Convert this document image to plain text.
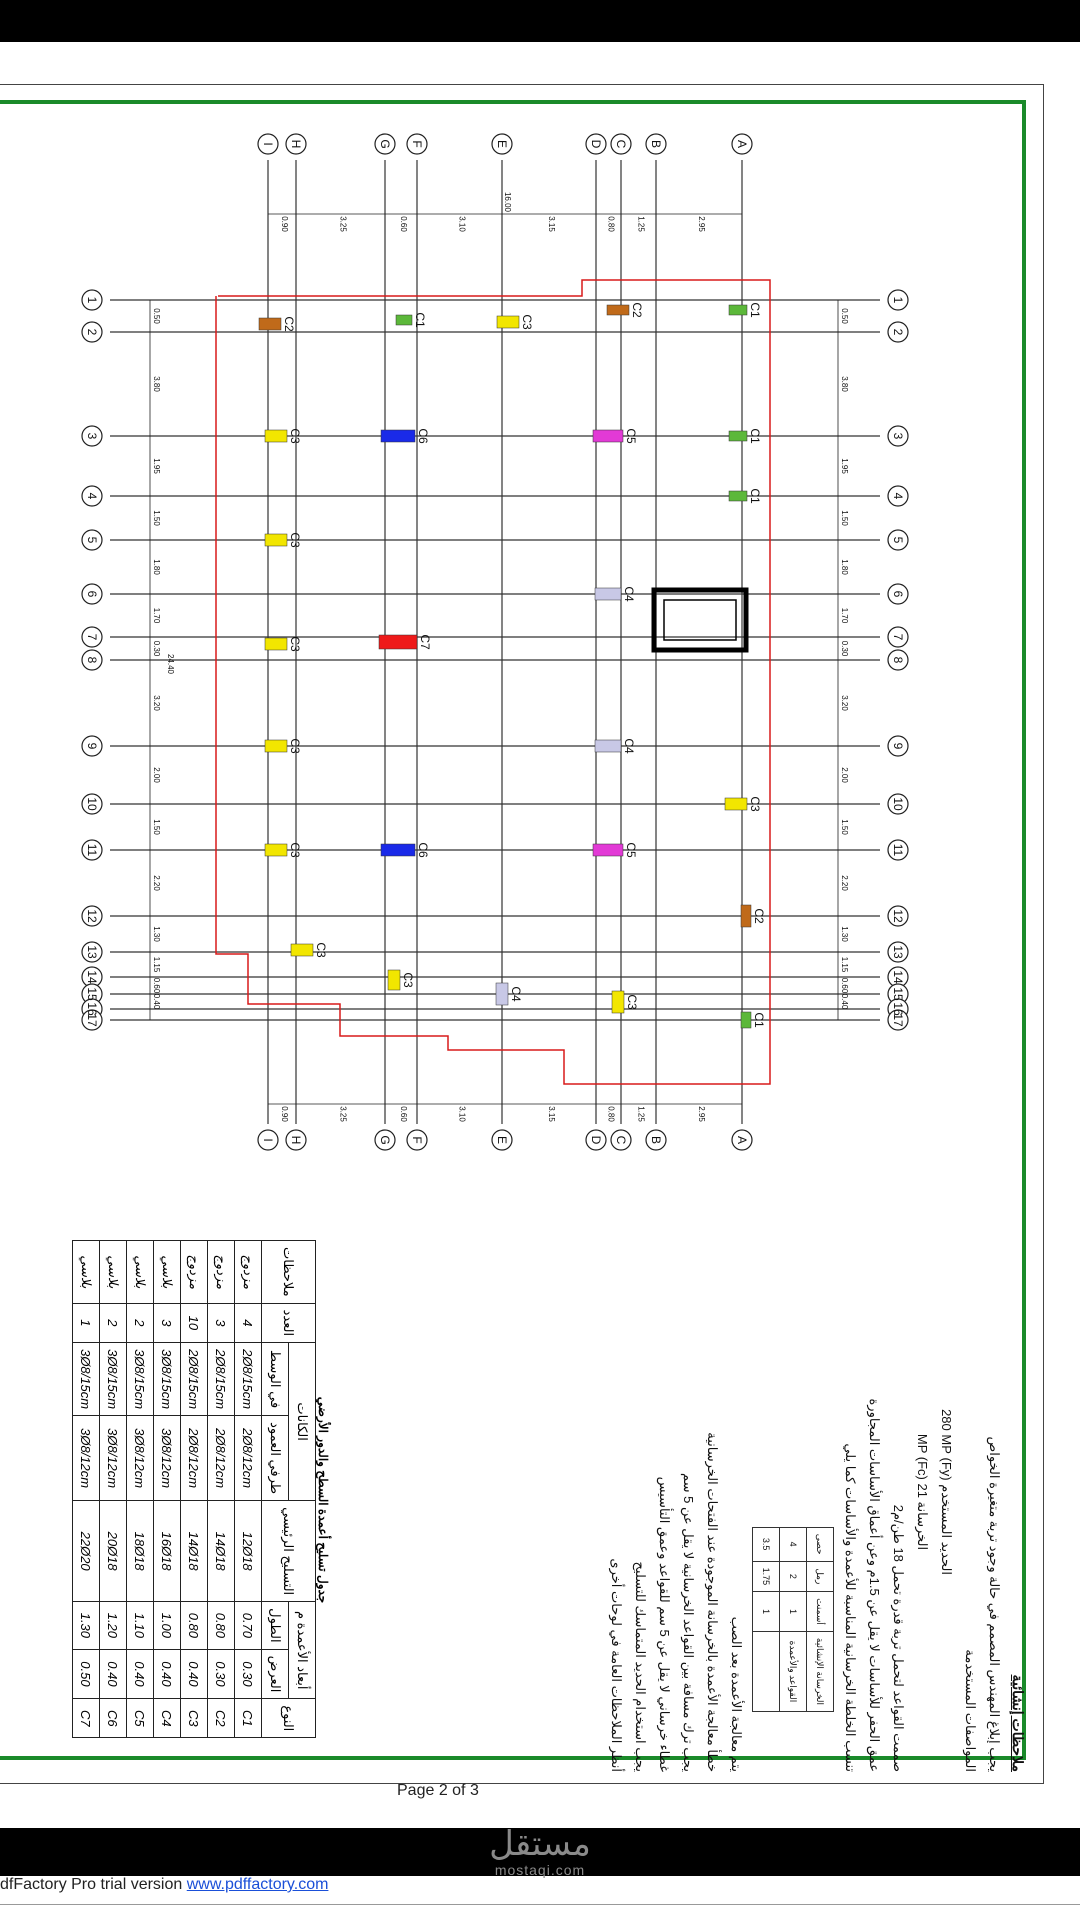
A
A
B
B
C
C
D
D
E
E
F
F
G
G
H
H
I
I
1	1
2	2
3	3
4	4
5	5
6	6
7	7
8	8
9	9
10	10
11	11
12	12
13	13
14	14
15	15
16	16
17	17
2.95
1.25
0.80
3.15
3.10
0.60
3.25
0.90
2.95
1.25
0.80
3.15
3.10
0.60
3.25
0.90
16.00
0.50
3.80
1.95
1.50
1.80
1.70
0.30
3.20
2.00
1.50
2.20
1.30
1.15
0.60
0.40
0.50
3.80
1.95
1.50
1.80
1.70
0.30
3.20
2.00
1.50
2.20
1.30
1.15
0.60
0.40
24.40
C1
C2
C1	C3
C2
C1
C5
C6
C3
C1
C3
C4
C7
C3
C4
C3
C3
C5
C6
C3
C2
C3
C3
C4
C3
C1
ملاحظات إنشائية
يجب إبلاغ المهندس المصمم في حالة وجود تربة متغيرة الخواص
المواصفات المستخدمة
الحديد المستخدم (Fy) 280 MP
الخرسانة 21 MP (Fc)
صممت القواعد لتحمل تربة قدرة تحمل 18 طن/م2
عمق الحفر للأساسات لا يقل عن 1.5م وعن أعماق الأساسات المجاورة
تنسب الخلطة الخرسانية المناسبة للأعمدة والأساسات كما يلي
الخرسانة الإنشائية	أسمنت	رمل	حصى
القواعد والأعمدة	1	2	4
	1	1.75	3.5
يتم معالجة الأعمدة بعد الصب
خطأ معالجة الأعمدة بالخرسانة الموجودة عند الفتحات الخرسانية
يجب ترك مسافة بين القواعد الخرسانية لا يقل عن 5 سم
غطاء خرساني لا يقل عن 5 سم للقواعد وعمق التأسيس
يجب استخدام الحديد المتماسك للتسليح
أنظر الملاحظات العامة في لوحات أخرى
جدول تسليح أعمدة السطح والدور الأرضي
النوع	أبعاد الأعمدة م		التسليح الرئيسي	الكانات		العدد	ملاحظات
	العرض	الطول		طرفي العمود	في الوسط		
C1	0.30	0.70	12Ø18	2Ø8/12cm	2Ø8/15cm	4	مزدوج
C2	0.30	0.80	14Ø18	2Ø8/12cm	2Ø8/15cm	3	مزدوج
C3	0.40	0.80	14Ø18	2Ø8/12cm	2Ø8/15cm	10	مزدوج
C4	0.40	1.00	16Ø18	3Ø8/12cm	3Ø8/15cm	3	بلاسي
C5	0.40	1.10	18Ø18	3Ø8/12cm	3Ø8/15cm	2	بلاسي
C6	0.40	1.20	20Ø18	3Ø8/12cm	3Ø8/15cm	2	بلاسي
C7	0.50	1.30	22Ø20	3Ø8/12cm	3Ø8/15cm	1	بلاسي
Page 2 of 3
مستقل
mostaqi.com
dfFactory Pro trial version www.pdffactory.com
